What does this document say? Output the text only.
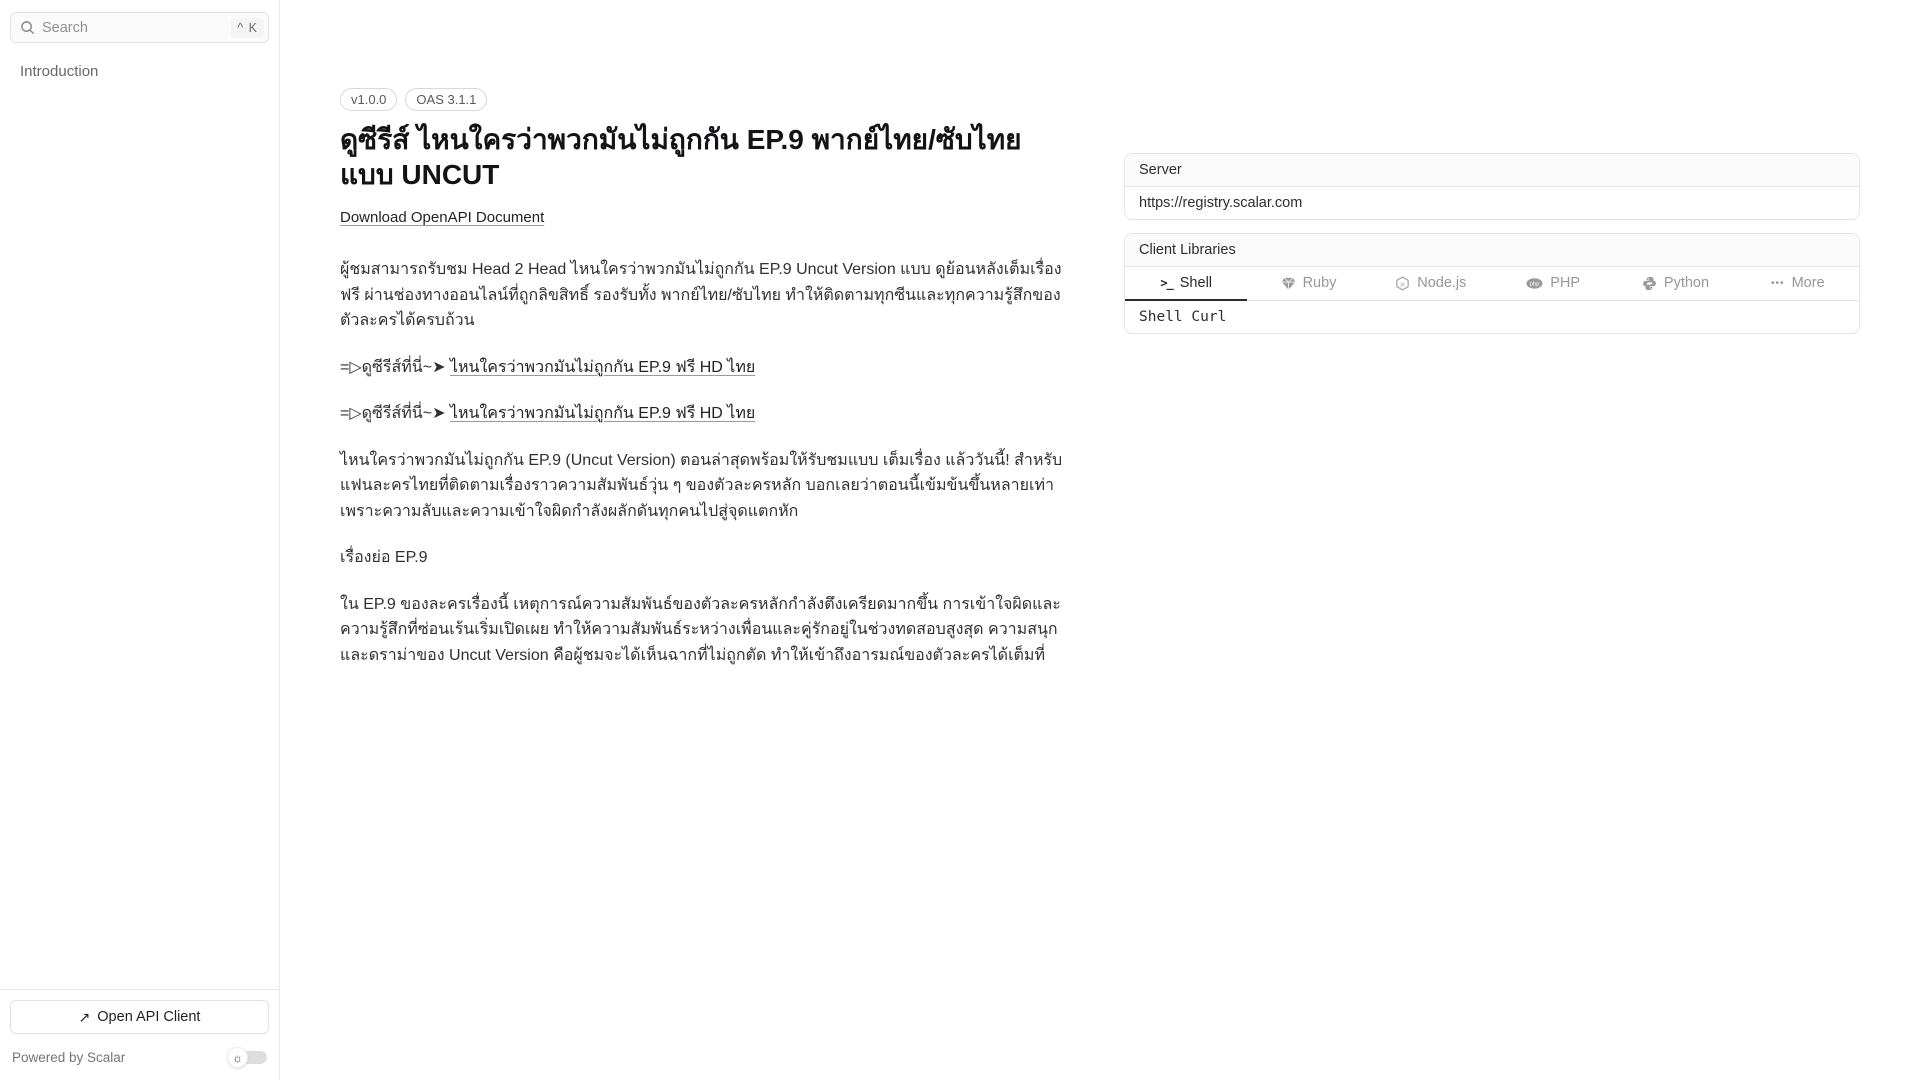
Search
^ K
Introduction
↗ Open API Client
Powered by Scalar	☼
v1.0.0	OAS 3.1.1
ดูซีรีส์ ไหนใครว่าพวกมันไม่ถูกกัน EP.9 พากย์ไทย/ซับไทย แบบ UNCUT
Download OpenAPI Document

ผู้ชมสามารถรับชม Head 2 Head ไหนใครว่าพวกมันไม่ถูกกัน EP.9 Uncut Version แบบ ดูย้อนหลังเต็มเรื่องฟรี ผ่านช่องทางออนไลน์ที่ถูกลิขสิทธิ์ รองรับทั้ง พากย์ไทย/ซับไทย ทำให้ติดตามทุกซีนและทุกความรู้สึกของตัวละครได้ครบถ้วน

=▷ดูซีรีส์ที่นี่~➤ ไหนใครว่าพวกมันไม่ถูกกัน EP.9 ฟรี HD ไทย

=▷ดูซีรีส์ที่นี่~➤ ไหนใครว่าพวกมันไม่ถูกกัน EP.9 ฟรี HD ไทย

ไหนใครว่าพวกมันไม่ถูกกัน EP.9 (Uncut Version) ตอนล่าสุดพร้อมให้รับชมแบบ เต็มเรื่อง แล้ววันนี้! สำหรับแฟนละครไทยที่ติดตามเรื่องราวความสัมพันธ์วุ่น ๆ ของตัวละครหลัก บอกเลยว่าตอนนี้เข้มข้นขึ้นหลายเท่า เพราะความลับและความเข้าใจผิดกำลังผลักดันทุกคนไปสู่จุดแตกหัก

เรื่องย่อ EP.9

ใน EP.9 ของละครเรื่องนี้ เหตุการณ์ความสัมพันธ์ของตัวละครหลักกำลังตึงเครียดมากขึ้น การเข้าใจผิดและความรู้สึกที่ซ่อนเร้นเริ่มเปิดเผย ทำให้ความสัมพันธ์ระหว่างเพื่อนและคู่รักอยู่ในช่วงทดสอบสูงสุด ความสนุกและดราม่าของ Uncut Version คือผู้ชมจะได้เห็นฉากที่ไม่ถูกตัด ทำให้เข้าถึงอารมณ์ของตัวละครได้เต็มที่

Server
https://registry.scalar.com
Client Libraries
>_ Shell	Ruby	js Node.js	php PHP	Python	••• More
Shell Curl
